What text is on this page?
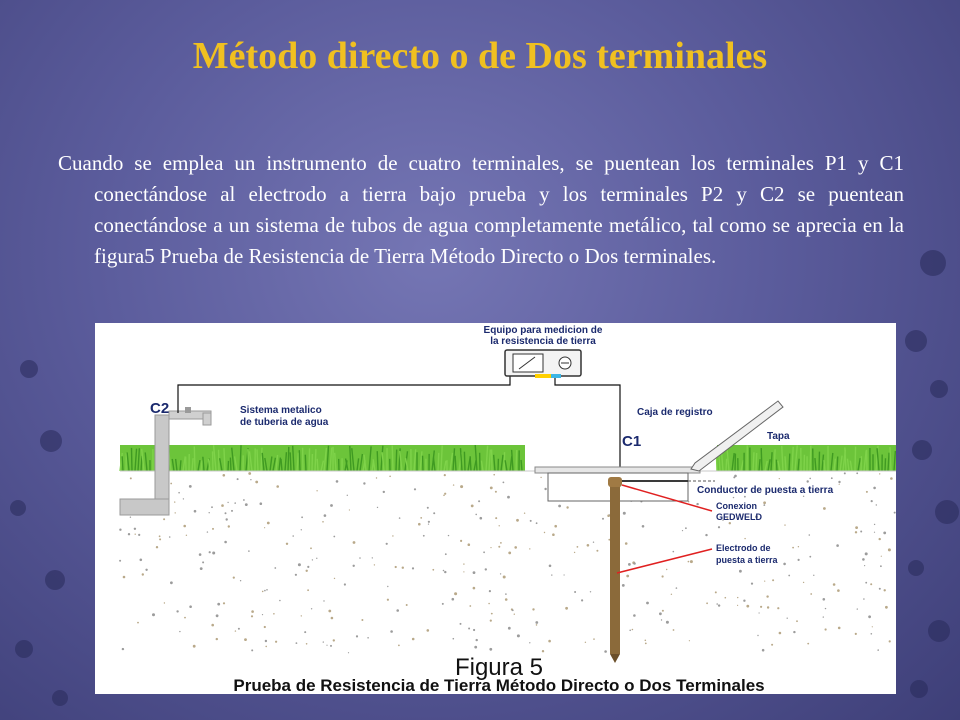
Método directo o de Dos terminales

Cuando se emplea un instrumento de cuatro terminales, se puentean los terminales P1 y C1 conectándose al electrodo a tierra bajo prueba y los terminales P2 y C2 se puentean conectándose a un sistema de tubos de agua completamente metálico, tal como se aprecia en la figura5 Prueba de Resistencia de Tierra Método Directo o Dos terminales.

Equipo para medicion de
la resistencia de tierra
C2
C1
Sistema metalico
de tuberia de agua
Caja de registro
Tapa
Conductor de puesta a tierra
Conexion
GEDWELD
Electrodo de
puesta a tierra
Figura 5
Prueba de Resistencia de Tierra Método Directo o Dos Terminales
